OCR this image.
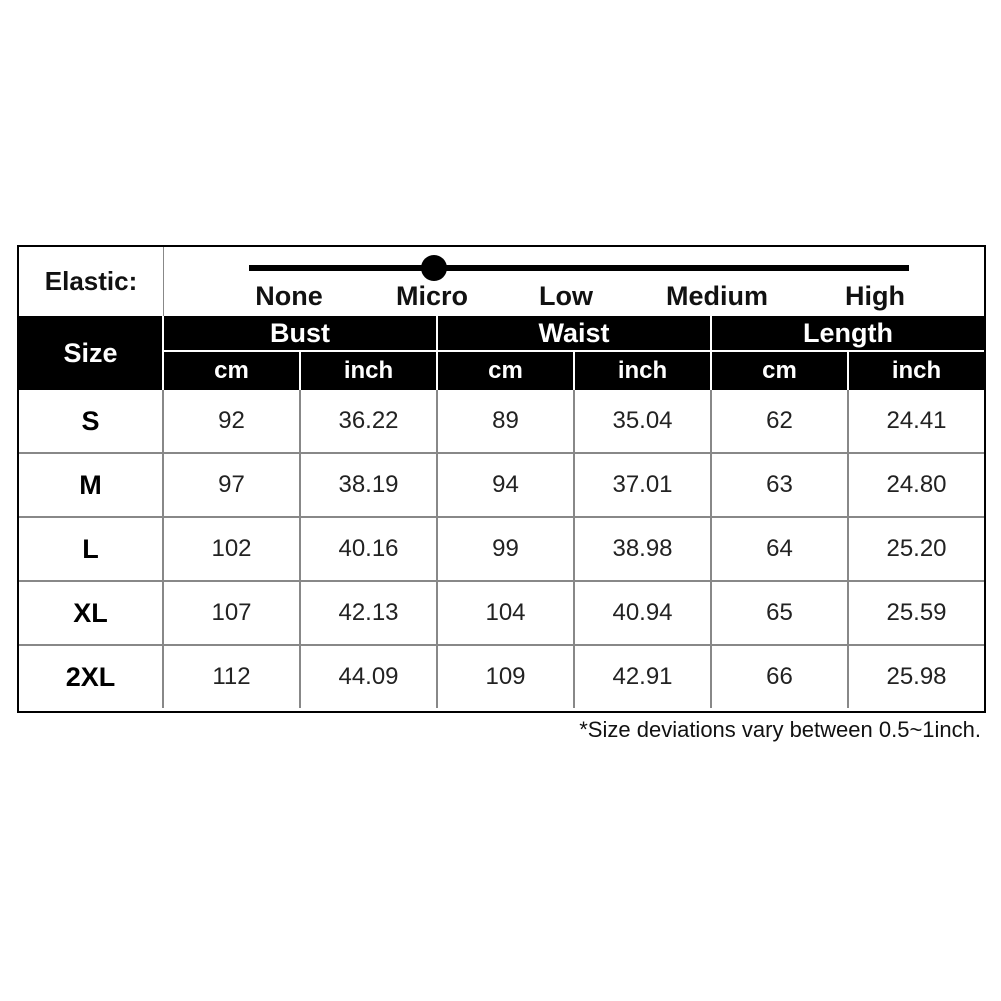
Elastic:	None	Micro	Low	Medium	High
Size
Bust	Waist	Length
cm	inch	cm	inch	cm	inch
S	92	36.22	89	35.04	62	24.41
M	97	38.19	94	37.01	63	24.80
L	102	40.16	99	38.98	64	25.20
XL	107	42.13	104	40.94	65	25.59
2XL	112	44.09	109	42.91	66	25.98
*Size deviations vary between 0.5~1inch.
